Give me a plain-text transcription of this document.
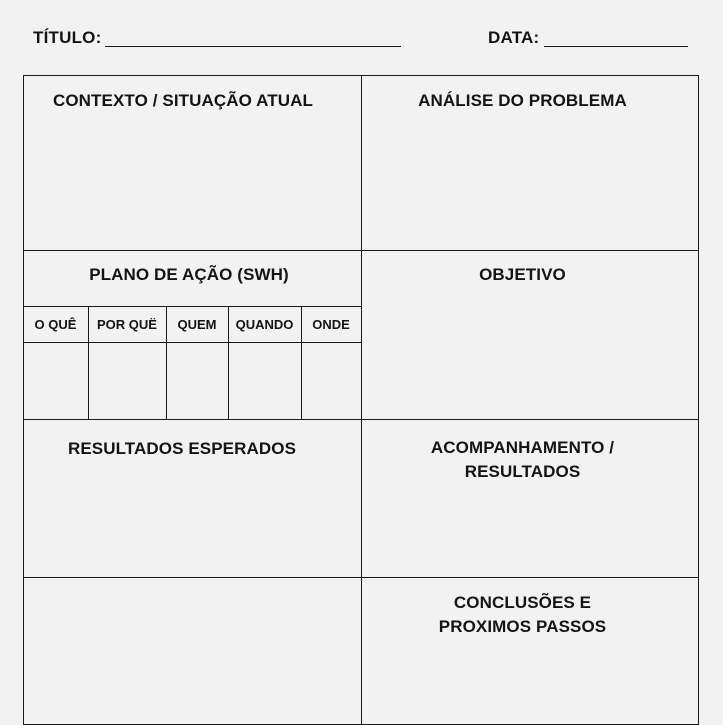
TÍTULO:	DATA:
CONTEXTO / SITUAÇÃO ATUAL	ANÁLISE DO PROBLEMA
PLANO DE AÇÃO (SWH)	OBJETIVO
RESULTADOS ESPERADOS	ACOMPANHAMENTO /
RESULTADOS
CONCLUSÕES E
PROXIMOS PASSOS
O QUÊ	POR QUË	QUEM	QUANDO	ONDE
